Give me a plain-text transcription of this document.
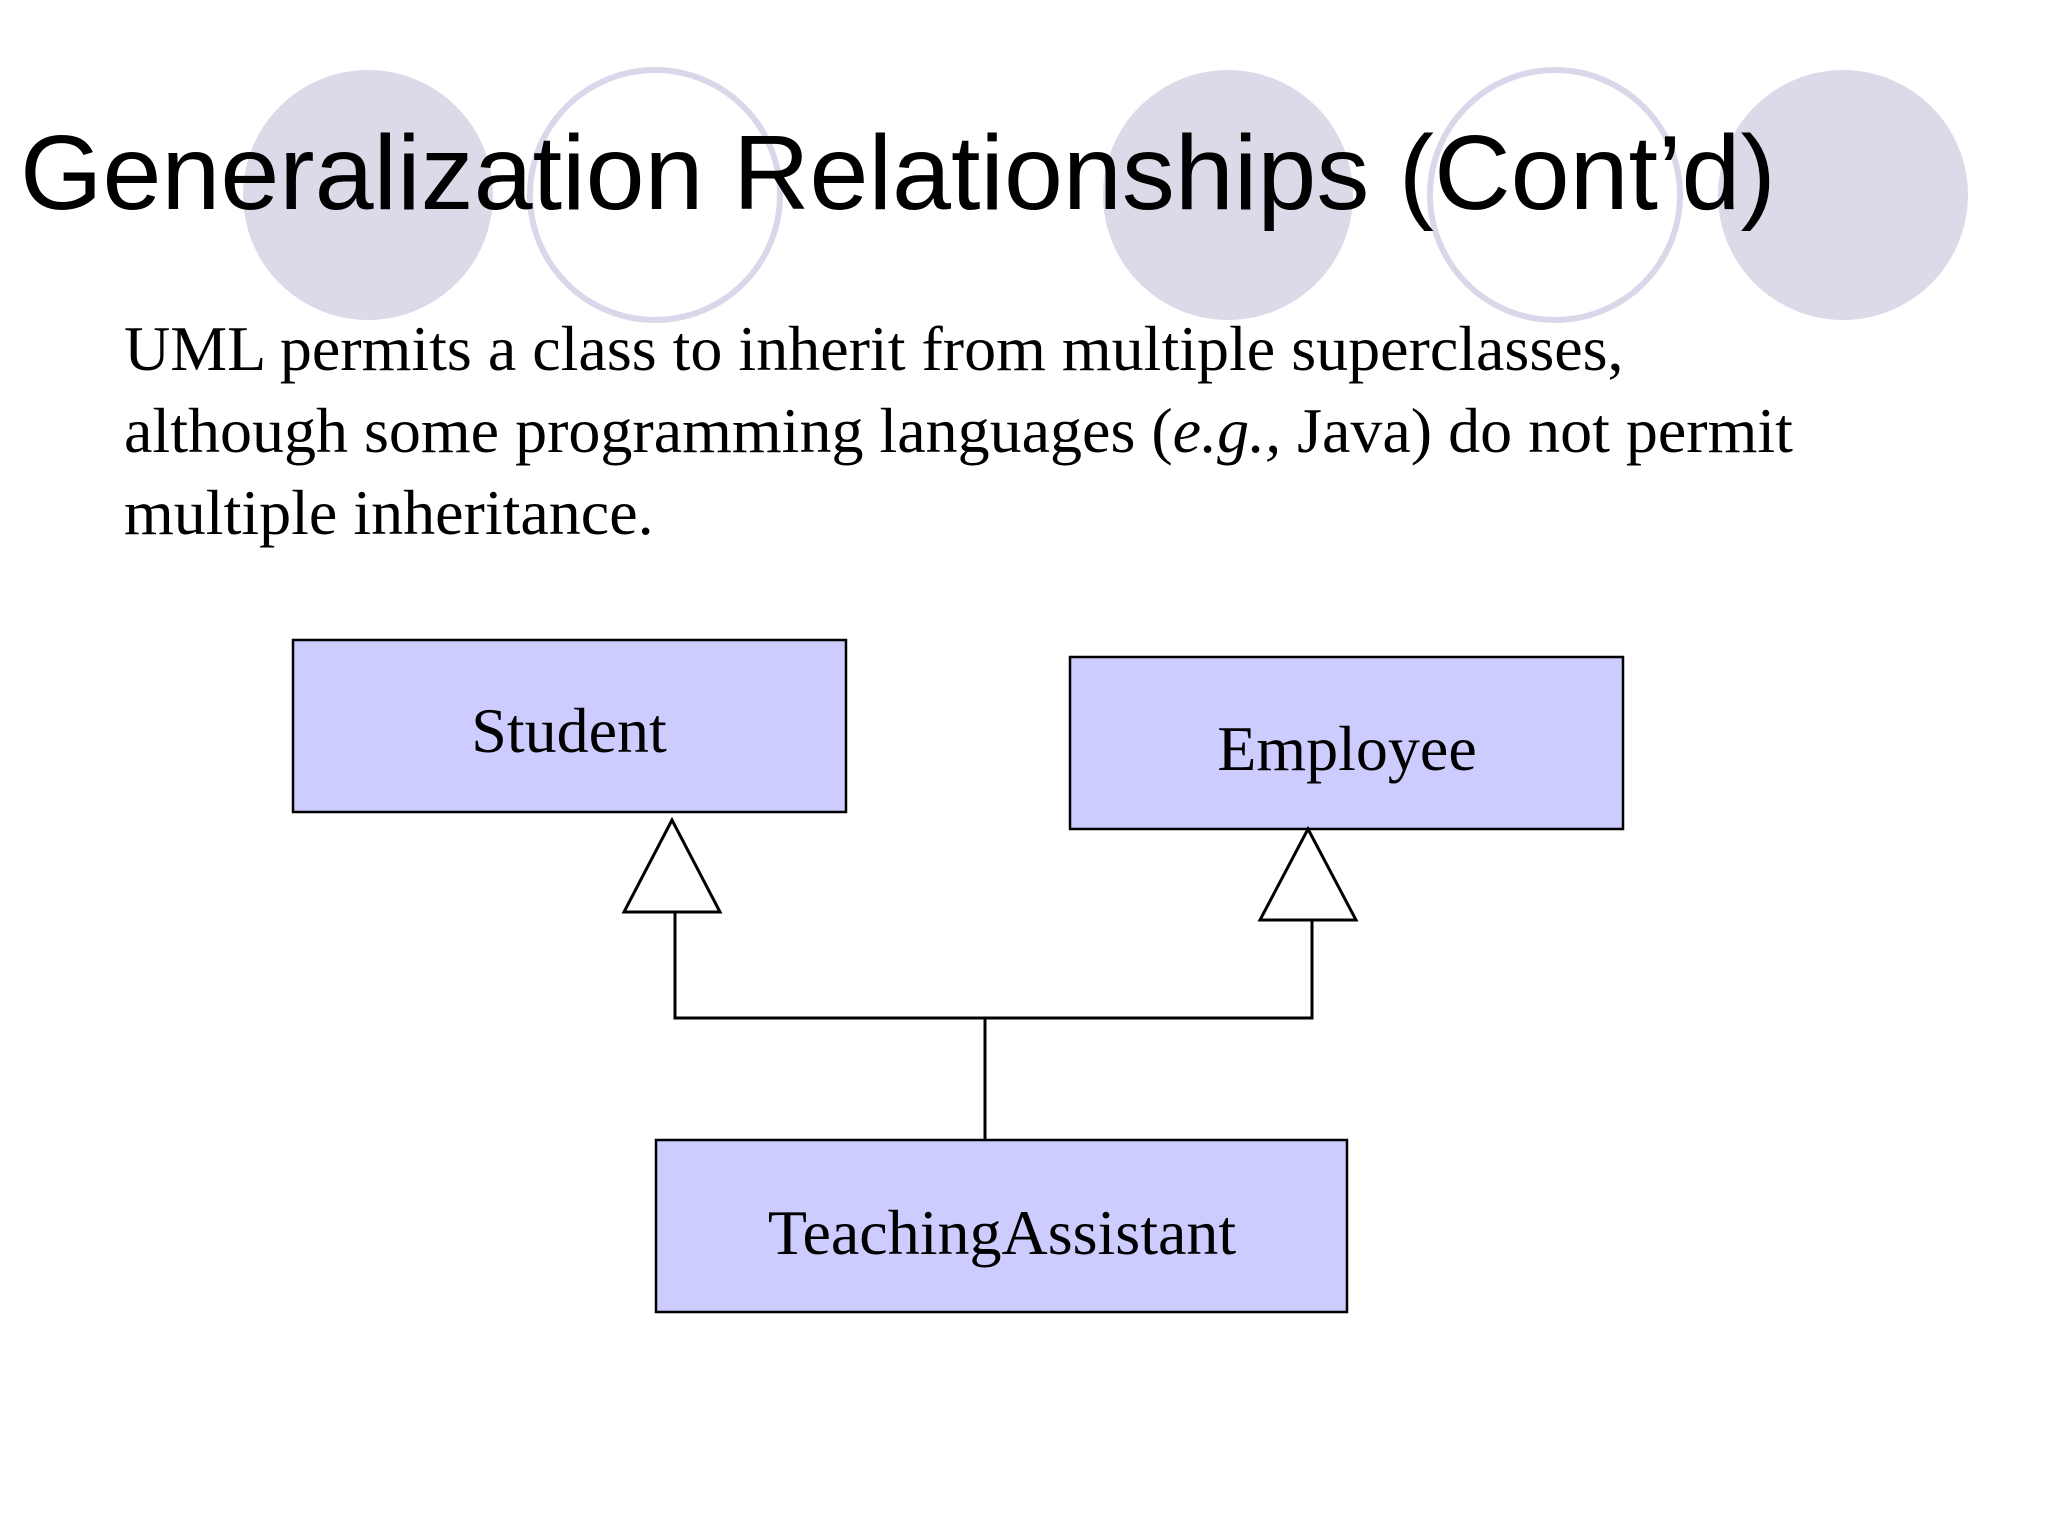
Generalization Relationships (Cont’d)

UML permits a class to inherit from multiple superclasses,
although some programming languages (e.g., Java) do not permit
multiple inheritance.

Student	Employee
TeachingAssistant
